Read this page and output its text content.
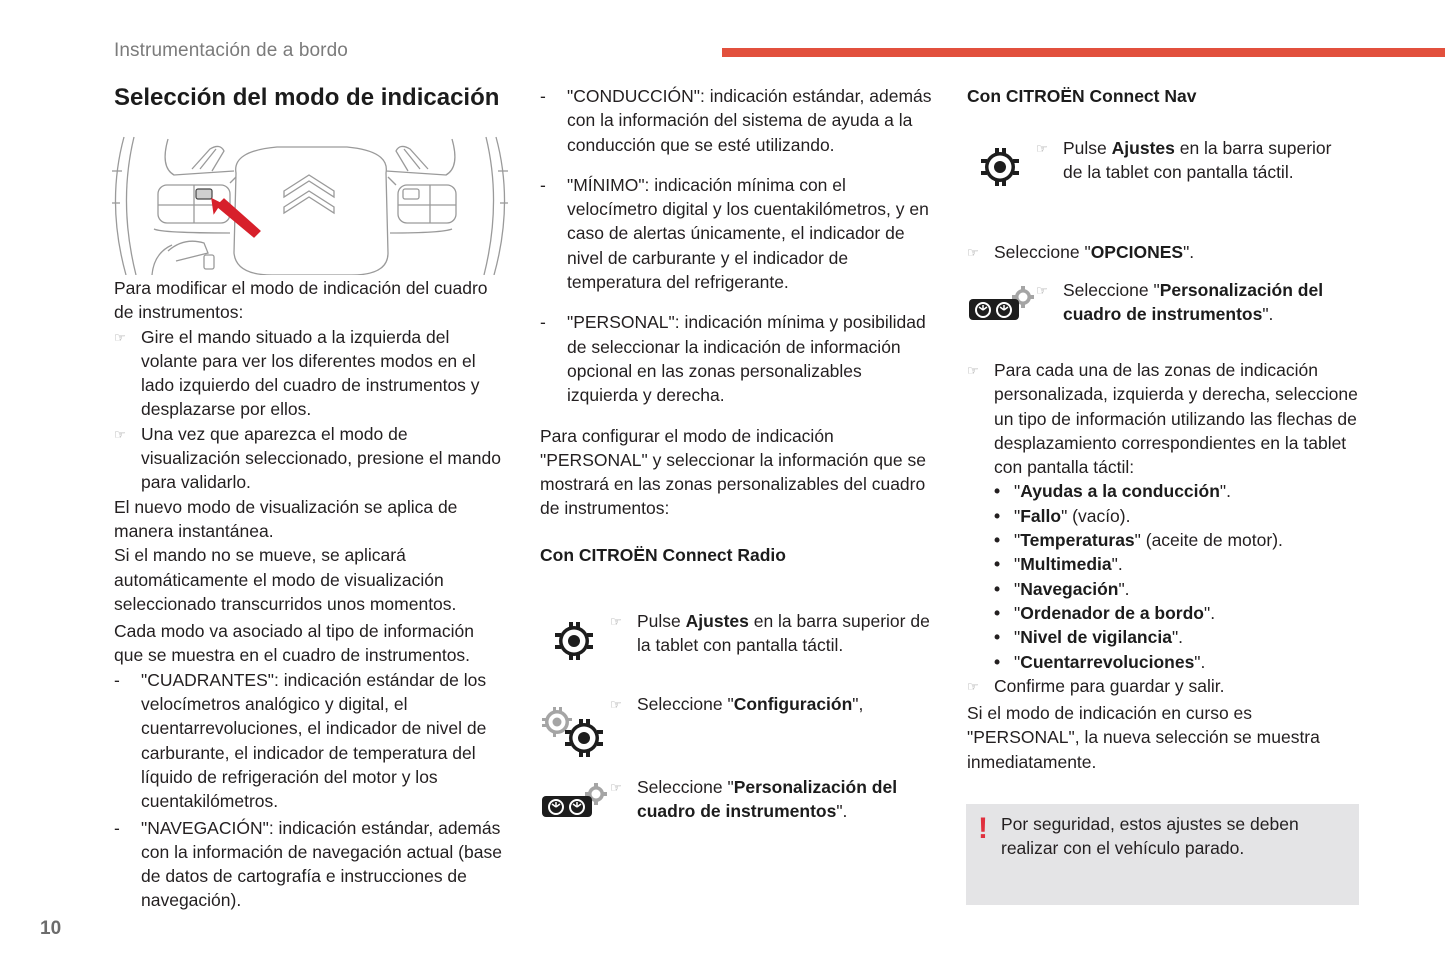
Instrumentación de a bordo
Selección del modo de indicación

Para modificar el modo de indicación del cuadro de instrumentos:

☞ Gire el mando situado a la izquierda del volante para ver los diferentes modos en el lado izquierdo del cuadro de instrumentos y desplazarse por ellos.
☞ Una vez que aparezca el modo de visualización seleccionado, presione el mando para validarlo.

El nuevo modo de visualización se aplica de manera instantánea.

Si el mando no se mueve, se aplicará automáticamente el modo de visualización seleccionado transcurridos unos momentos.

Cada modo va asociado al tipo de información que se muestra en el cuadro de instrumentos.

- "CUADRANTES": indicación estándar de los velocímetros analógico y digital, el cuentarrevoluciones, el indicador de nivel de carburante, el indicador de temperatura del líquido de refrigeración del motor y los cuentakilómetros.
- "NAVEGACIÓN": indicación estándar, además con la información de navegación actual (base de datos de cartografía e instrucciones de navegación).
- "CONDUCCIÓN": indicación estándar, además con la información del sistema de ayuda a la conducción que se esté utilizando.
- "MÍNIMO": indicación mínima con el velocímetro digital y los cuentakilómetros, y en caso de alertas únicamente, el indicador de nivel de carburante y el indicador de temperatura del refrigerante.
- "PERSONAL": indicación mínima y posibilidad de seleccionar la indicación de información opcional en las zonas personalizables izquierda y derecha.

Para configurar el modo de indicación "PERSONAL" y seleccionar la información que se mostrará en las zonas personalizables del cuadro de instrumentos:

Con CITROËN Connect Radio

☞ Pulse Ajustes en la barra superior de la tablet con pantalla táctil.
☞ Seleccione "Configuración",
☞ Seleccione "Personalización del cuadro de instrumentos".

Con CITROËN Connect Nav

☞ Pulse Ajustes en la barra superior de la tablet con pantalla táctil.
☞ Seleccione "OPCIONES".
☞ Seleccione "Personalización del cuadro de instrumentos".
☞ Para cada una de las zonas de indicación personalizada, izquierda y derecha, seleccione un tipo de información utilizando las flechas de desplazamiento correspondientes en la tablet con pantalla táctil:
• "Ayudas a la conducción".
• "Fallo" (vacío).
• "Temperaturas" (aceite de motor).
• "Multimedia".
• "Navegación".
• "Ordenador de a bordo".
• "Nivel de vigilancia".
• "Cuentarrevoluciones".
☞ Confirme para guardar y salir.

Si el modo de indicación en curso es "PERSONAL", la nueva selección se muestra inmediatamente.

! Por seguridad, estos ajustes se deben realizar con el vehículo parado.
10
